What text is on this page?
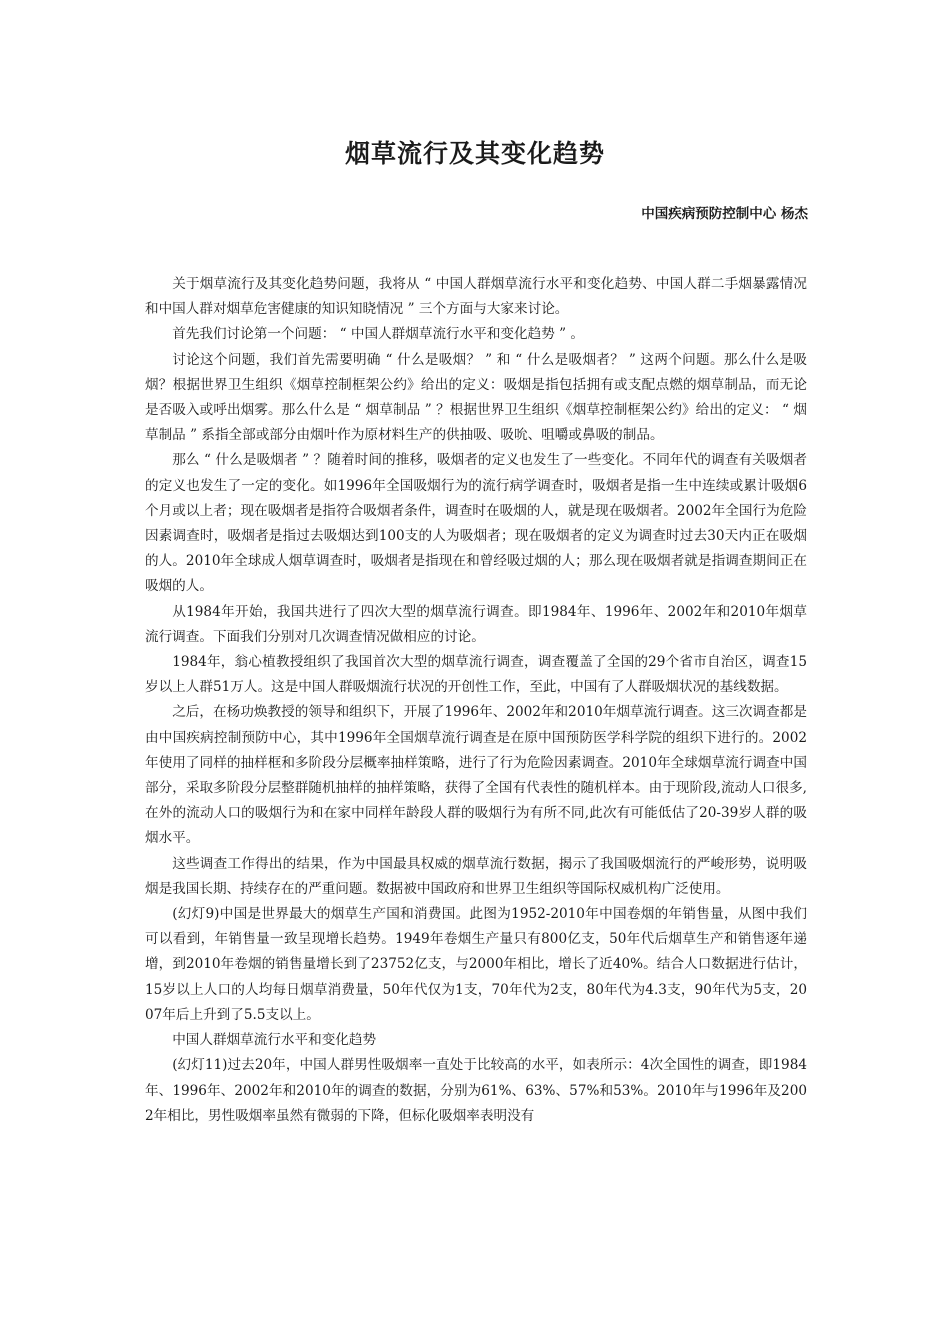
烟草流行及其变化趋势
中国疾病预防控制中心 杨杰

关于烟草流行及其变化趋势问题，我将从 “ 中国人群烟草流行水平和变化趋势、中国人群二手烟暴露情况和中国人群对烟草危害健康的知识知晓情况 ” 三个方面与大家来讨论。

首先我们讨论第一个问题： “ 中国人群烟草流行水平和变化趋势 ” 。

讨论这个问题，我们首先需要明确 “ 什么是吸烟？ ” 和 “ 什么是吸烟者？ ” 这两个问题。那么什么是吸烟？根据世界卫生组织《烟草控制框架公约》给出的定义：吸烟是指包括拥有或支配点燃的烟草制品，而无论是否吸入或呼出烟雾。那么什么是 “ 烟草制品 ” ？根据世界卫生组织《烟草控制框架公约》给出的定义： “ 烟草制品 ” 系指全部或部分由烟叶作为原材料生产的供抽吸、吸吮、咀嚼或鼻吸的制品。

那么 “ 什么是吸烟者 ” ？随着时间的推移，吸烟者的定义也发生了一些变化。不同年代的调查有关吸烟者的定义也发生了一定的变化。如1996年全国吸烟行为的流行病学调查时，吸烟者是指一生中连续或累计吸烟6个月或以上者；现在吸烟者是指符合吸烟者条件，调查时在吸烟的人，就是现在吸烟者。2002年全国行为危险因素调查时，吸烟者是指过去吸烟达到100支的人为吸烟者；现在吸烟者的定义为调查时过去30天内正在吸烟的人。2010年全球成人烟草调查时，吸烟者是指现在和曾经吸过烟的人；那么现在吸烟者就是指调查期间正在吸烟的人。

从1984年开始，我国共进行了四次大型的烟草流行调查。即1984年、1996年、2002年和2010年烟草流行调查。下面我们分别对几次调查情况做相应的讨论。

1984年，翁心植教授组织了我国首次大型的烟草流行调查，调查覆盖了全国的29个省市自治区，调查15岁以上人群51万人。这是中国人群吸烟流行状况的开创性工作，至此，中国有了人群吸烟状况的基线数据。

之后，在杨功焕教授的领导和组织下，开展了1996年、2002年和2010年烟草流行调查。这三次调查都是由中国疾病控制预防中心，其中1996年全国烟草流行调查是在原中国预防医学科学院的组织下进行的。2002年使用了同样的抽样框和多阶段分层概率抽样策略，进行了行为危险因素调查。2010年全球烟草流行调查中国部分，采取多阶段分层整群随机抽样的抽样策略，获得了全国有代表性的随机样本。由于现阶段,流动人口很多,在外的流动人口的吸烟行为和在家中同样年龄段人群的吸烟行为有所不同,此次有可能低估了20-39岁人群的吸烟水平。

这些调查工作得出的结果，作为中国最具权威的烟草流行数据，揭示了我国吸烟流行的严峻形势，说明吸烟是我国长期、持续存在的严重问题。数据被中国政府和世界卫生组织等国际权威机构广泛使用。

(幻灯9)中国是世界最大的烟草生产国和消费国。此图为1952-2010年中国卷烟的年销售量，从图中我们可以看到，年销售量一致呈现增长趋势。1949年卷烟生产量只有800亿支，50年代后烟草生产和销售逐年递增，到2010年卷烟的销售量增长到了23752亿支，与2000年相比，增长了近40%。结合人口数据进行估计，15岁以上人口的人均每日烟草消费量，50年代仅为1支，70年代为2支，80年代为4.3支，90年代为5支，2007年后上升到了5.5支以上。

中国人群烟草流行水平和变化趋势

(幻灯11)过去20年，中国人群男性吸烟率一直处于比较高的水平，如表所示：4次全国性的调查，即1984年、1996年、2002年和2010年的调查的数据，分别为61%、63%、57%和53%。2010年与1996年及2002年相比，男性吸烟率虽然有微弱的下降，但标化吸烟率表明没有
